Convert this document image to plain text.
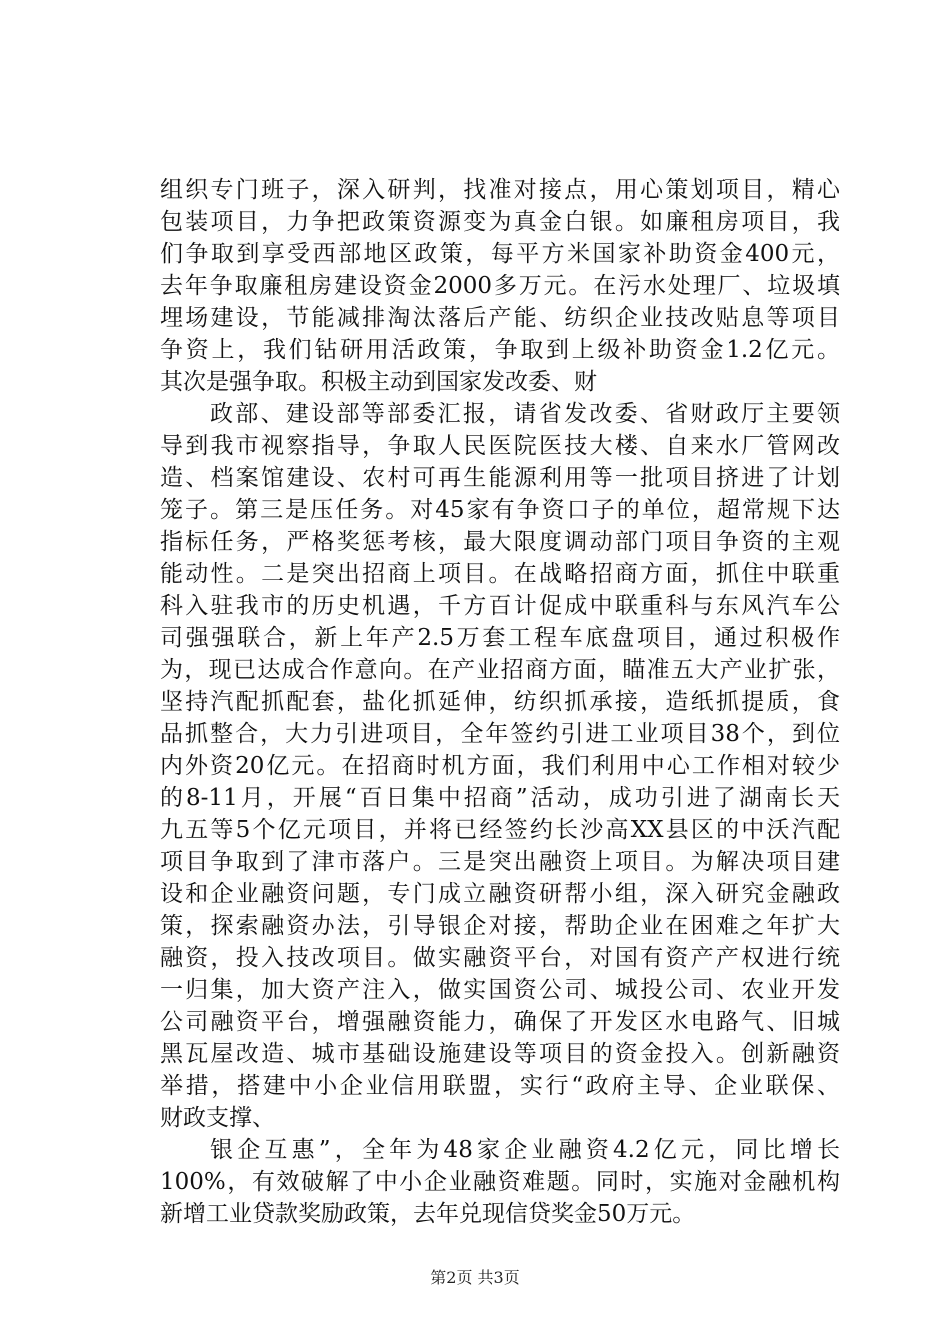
组织专门班子，深入研判，找准对接点，用心策划项目，精心
包装项目，力争把政策资源变为真金白银。如廉租房项目，我
们争取到享受西部地区政策，每平方米国家补助资金400元，
去年争取廉租房建设资金2000多万元。在污水处理厂、垃圾填
埋场建设，节能减排淘汰落后产能、纺织企业技改贴息等项目
争资上，我们钻研用活政策，争取到上级补助资金1.2亿元。
其次是强争取。积极主动到国家发改委、财
政部、建设部等部委汇报，请省发改委、省财政厅主要领
导到我市视察指导，争取人民医院医技大楼、自来水厂管网改
造、档案馆建设、农村可再生能源利用等一批项目挤进了计划
笼子。第三是压任务。对45家有争资口子的单位，超常规下达
指标任务，严格奖惩考核，最大限度调动部门项目争资的主观
能动性。二是突出招商上项目。在战略招商方面，抓住中联重
科入驻我市的历史机遇，千方百计促成中联重科与东风汽车公
司强强联合，新上年产2.5万套工程车底盘项目，通过积极作
为，现已达成合作意向。在产业招商方面，瞄准五大产业扩张，
坚持汽配抓配套，盐化抓延伸，纺织抓承接，造纸抓提质，食
品抓整合，大力引进项目，全年签约引进工业项目38个，到位
内外资20亿元。在招商时机方面，我们利用中心工作相对较少
的8-11月，开展“百日集中招商”活动，成功引进了湖南长天
九五等5个亿元项目，并将已经签约长沙高XX县区的中沃汽配
项目争取到了津市落户。三是突出融资上项目。为解决项目建
设和企业融资问题，专门成立融资研帮小组，深入研究金融政
策，探索融资办法，引导银企对接，帮助企业在困难之年扩大
融资，投入技改项目。做实融资平台，对国有资产产权进行统
一归集，加大资产注入，做实国资公司、城投公司、农业开发
公司融资平台，增强融资能力，确保了开发区水电路气、旧城
黑瓦屋改造、城市基础设施建设等项目的资金投入。创新融资
举措，搭建中小企业信用联盟，实行“政府主导、企业联保、
财政支撑、
银企互惠”，全年为48家企业融资4.2亿元，同比增长
100%，有效破解了中小企业融资难题。同时，实施对金融机构
新增工业贷款奖励政策，去年兑现信贷奖金50万元。
第2页 共3页
